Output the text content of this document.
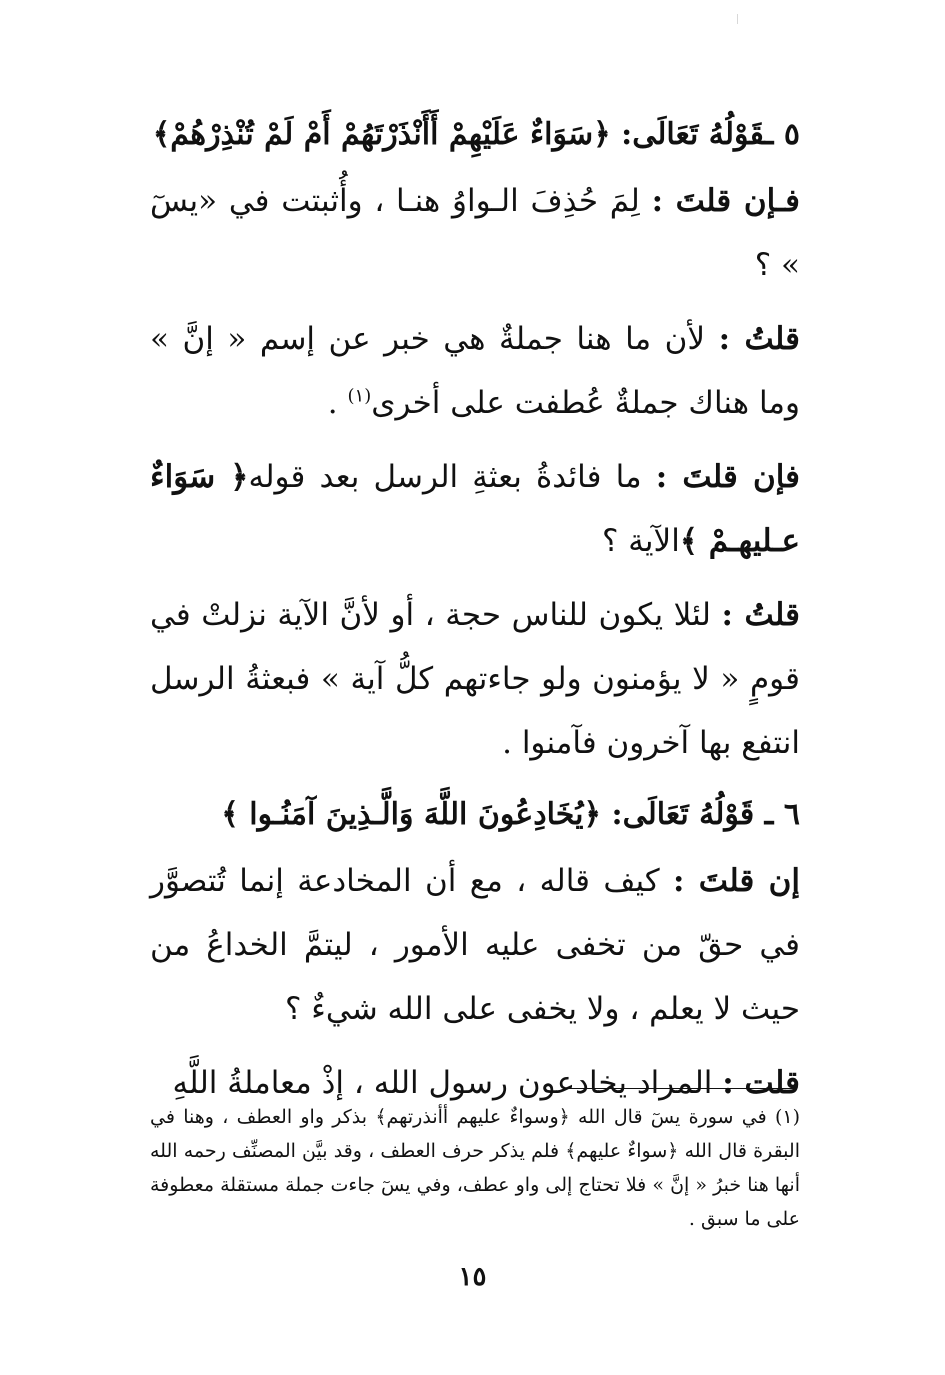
٥ ـقَوْلُهُ تَعَالَى: ﴿سَوَاءٌ عَلَيْهِمْ أَأَنْذَرْتَهُمْ أَمْ لَمْ تُنْذِرْهُمْ﴾

فـإن قلتَ : لِمَ حُذِفَ الـواوُ هنـا ، وأُثبتت في «يسٓ » ؟

قلتُ : لأن ما هنا جملةٌ هي خبر عن إسم « إنَّ » وما هناك جملةٌ عُطفت على أخرى$^{(١)}$ .

فإن قلتَ : ما فائدةُ بعثةِ الرسل بعد قوله﴿ سَوَاءٌ عـليهـمْ ﴾الآية ؟

قلتُ : لئلا يكون للناس حجة ، أو لأنَّ الآية نزلتْ في قومٍ « لا يؤمنون ولو جاءتهم كلُّ آية » فبعثةُ الرسل انتفع بها آخرون فآمنوا .

٦ ـ قَوْلُهُ تَعَالَى: ﴿يُخَادِعُونَ اللَّهَ وَالَّـذِينَ آمَنُـوا ﴾

إن قلتَ : كيف قاله ، مع أن المخادعة إنما تُتصوَّر في حقّ من تخفى عليه الأمور ، ليتمَّ الخداعُ من حيث لا يعلم ، ولا يخفى على الله شيءٌ ؟

قلت : المراد يخادعون رسول الله ، إذْ معاملةُ اللَّهِ

(١) في سورة يسٓ قال الله ﴿وسواءٌ عليهم أأنذرتهم﴾ بذكر واو العطف ، وهنا في البقرة قال الله ﴿سواءٌ عليهم﴾ فلم يذكر حرف العطف ، وقد بيَّن المصنِّف رحمه الله أنها هنا خبرُ « إنَّ » فلا تحتاج إلى واو عطف، وفي يسٓ جاءت جملة مستقلة معطوفة على ما سبق .

١٥
